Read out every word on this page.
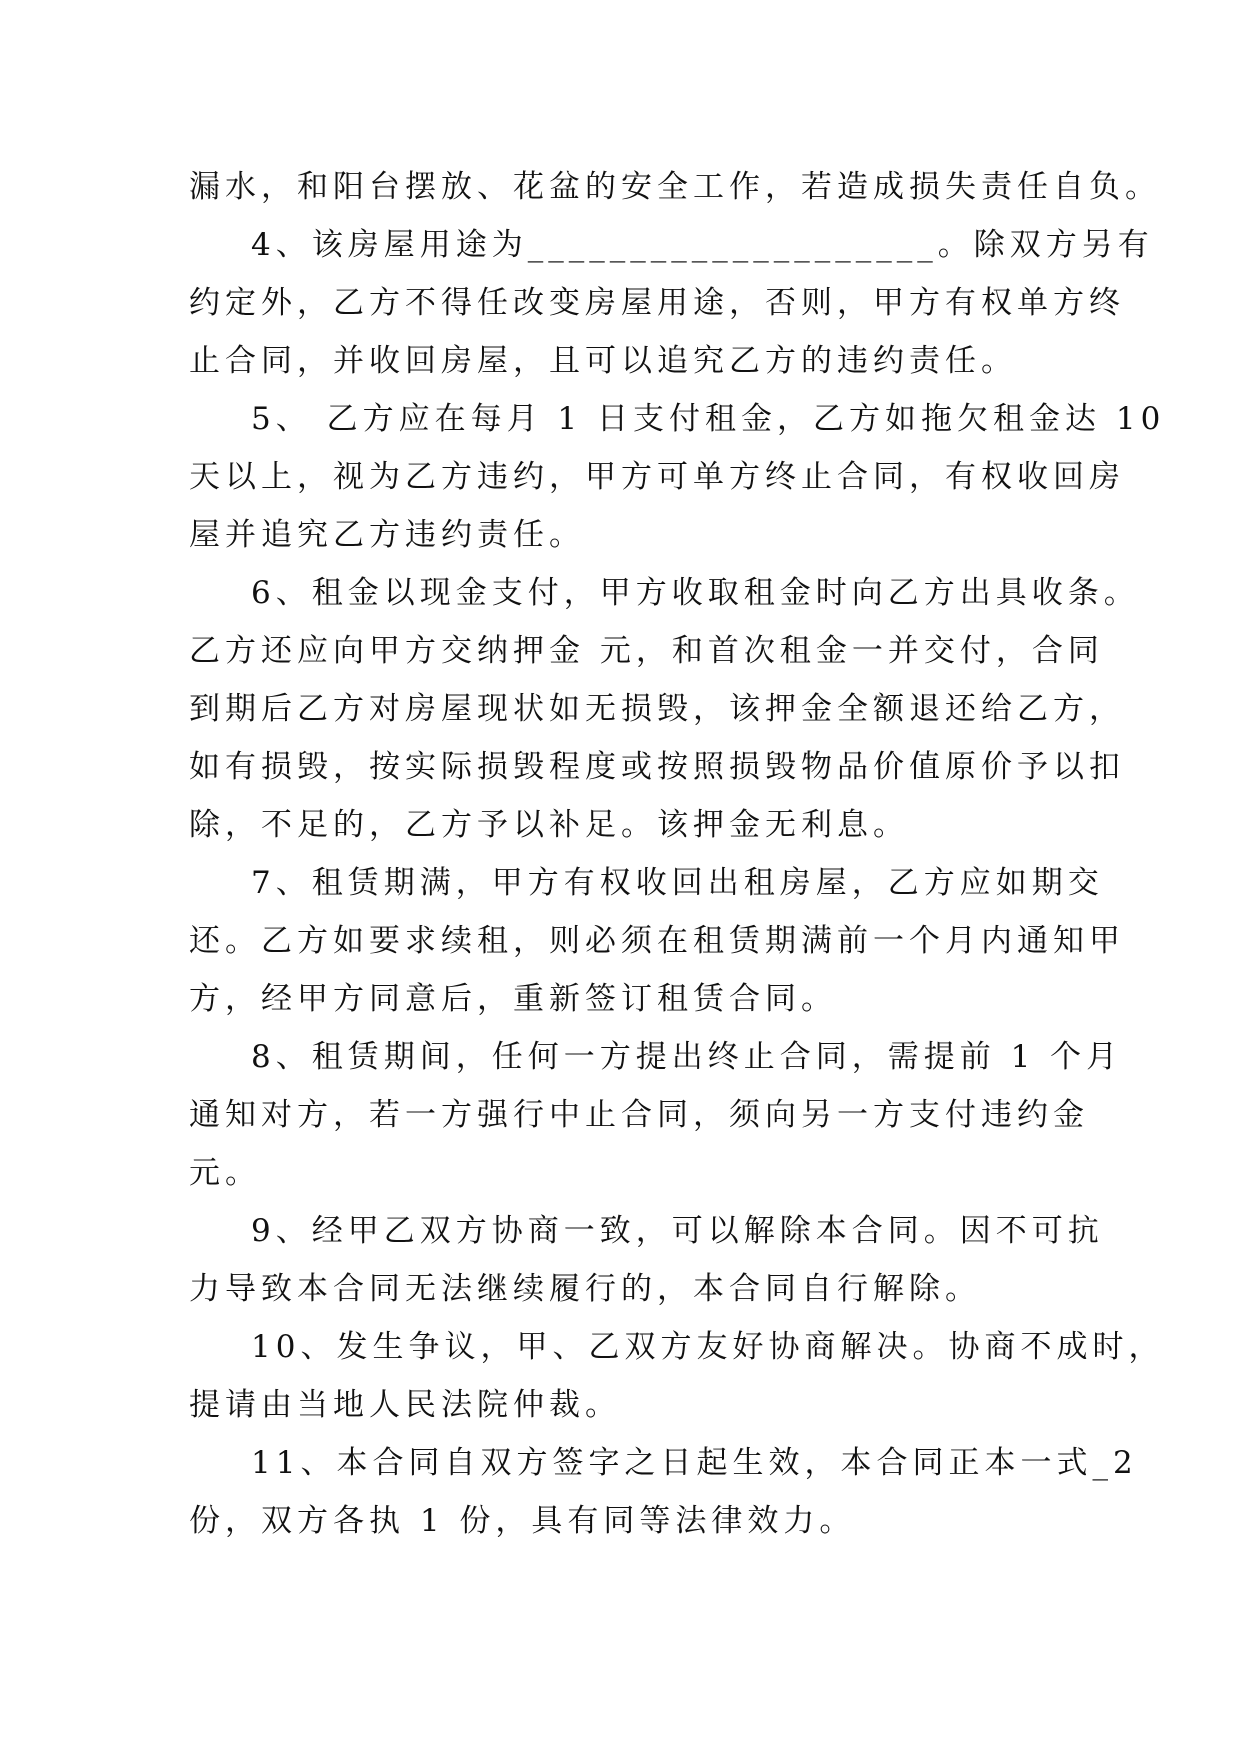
漏水，和阳台摆放、花盆的安全工作，若造成损失责任自负。
4、该房屋用途为____________________。除双方另有
约定外，乙方不得任改变房屋用途，否则，甲方有权单方终
止合同，并收回房屋，且可以追究乙方的违约责任。
5、 乙方应在每月 1 日支付租金，乙方如拖欠租金达 10
天以上，视为乙方违约，甲方可单方终止合同，有权收回房
屋并追究乙方违约责任。
6、租金以现金支付，甲方收取租金时向乙方出具收条。
乙方还应向甲方交纳押金 元，和首次租金一并交付，合同
到期后乙方对房屋现状如无损毁，该押金全额退还给乙方，
如有损毁，按实际损毁程度或按照损毁物品价值原价予以扣
除，不足的，乙方予以补足。该押金无利息。
7、租赁期满，甲方有权收回出租房屋，乙方应如期交
还。乙方如要求续租，则必须在租赁期满前一个月内通知甲
方，经甲方同意后，重新签订租赁合同。
8、租赁期间，任何一方提出终止合同，需提前 1 个月
通知对方，若一方强行中止合同，须向另一方支付违约金
元。
9、经甲乙双方协商一致，可以解除本合同。因不可抗
力导致本合同无法继续履行的，本合同自行解除。
10、发生争议，甲、乙双方友好协商解决。协商不成时，
提请由当地人民法院仲裁。
11、本合同自双方签字之日起生效，本合同正本一式_2
份，双方各执 1 份，具有同等法律效力。
